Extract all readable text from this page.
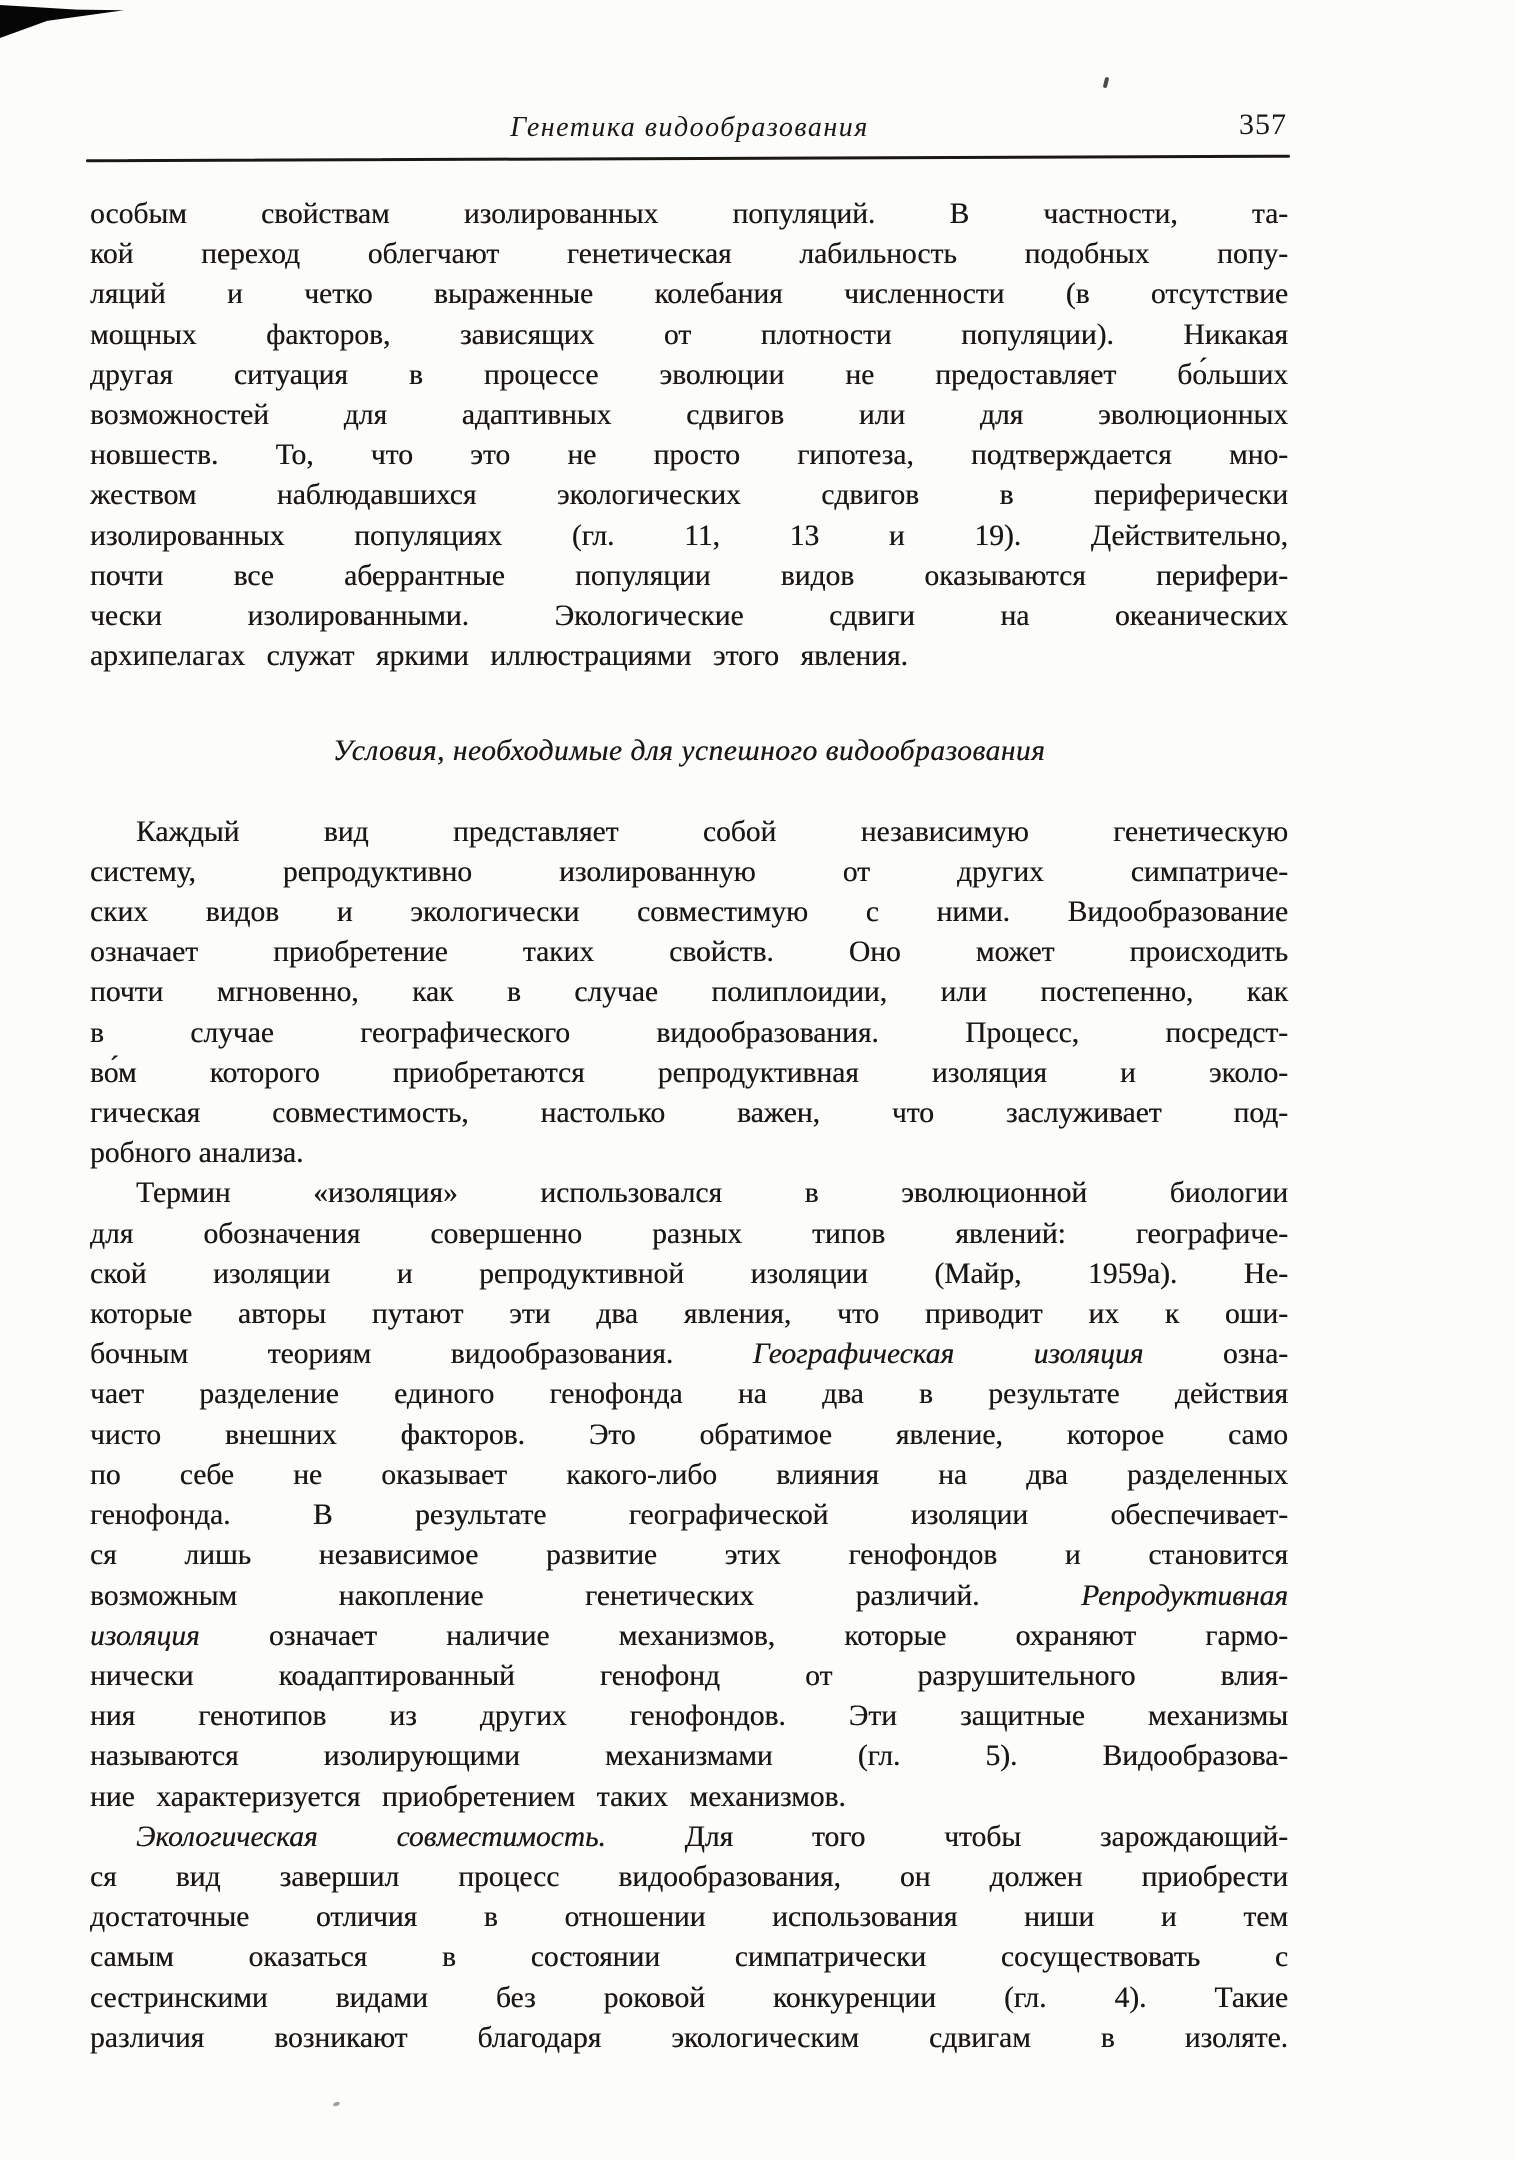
Генетика видообразования	357
особым свойствам изолированных популяций. В частности, та-
кой переход облегчают генетическая лабильность подобных попу-
ляций и четко выраженные колебания численности (в отсутствие
мощных факторов, зависящих от плотности популяции). Никакая
другая ситуация в процессе эволюции не предоставляет бо́льших
возможностей для адаптивных сдвигов или для эволюционных
новшеств. То, что это не просто гипотеза, подтверждается мно-
жеством наблюдавшихся экологических сдвигов в периферически
изолированных популяциях (гл. 11, 13 и 19). Действительно,
почти все аберрантные популяции видов оказываются перифери-
чески изолированными. Экологические сдвиги на океанических
архипелагах служат яркими иллюстрациями этого явления.
Условия, необходимые для успешного видообразования
Каждый вид представляет собой независимую генетическую
систему, репродуктивно изолированную от других симпатриче-
ских видов и экологически совместимую с ними. Видообразование
означает приобретение таких свойств. Оно может происходить
почти мгновенно, как в случае полиплоидии, или постепенно, как
в случае географического видообразования. Процесс, посредст-
во́м которого приобретаются репродуктивная изоляция и эколо-
гическая совместимость, настолько важен, что заслуживает под-
робного анализа.
Термин «изоляция» использовался в эволюционной биологии
для обозначения совершенно разных типов явлений: географиче-
ской изоляции и репродуктивной изоляции (Майр, 1959а). Не-
которые авторы путают эти два явления, что приводит их к оши-
бочным теориям видообразования. Географическая изоляция озна-
чает разделение единого генофонда на два в результате действия
чисто внешних факторов. Это обратимое явление, которое само
по себе не оказывает какого-либо влияния на два разделенных
генофонда. В результате географической изоляции обеспечивает-
ся лишь независимое развитие этих генофондов и становится
возможным накопление генетических различий. Репродуктивная
изоляция означает наличие механизмов, которые охраняют гармо-
нически коадаптированный генофонд от разрушительного влия-
ния генотипов из других генофондов. Эти защитные механизмы
называются изолирующими механизмами (гл. 5). Видообразова-
ние характеризуется приобретением таких механизмов.
Экологическая совместимость. Для того чтобы зарождающий-
ся вид завершил процесс видообразования, он должен приобрести
достаточные отличия в отношении использования ниши и тем
самым оказаться в состоянии симпатрически сосуществовать с
сестринскими видами без роковой конкуренции (гл. 4). Такие
различия возникают благодаря экологическим сдвигам в изоляте.
